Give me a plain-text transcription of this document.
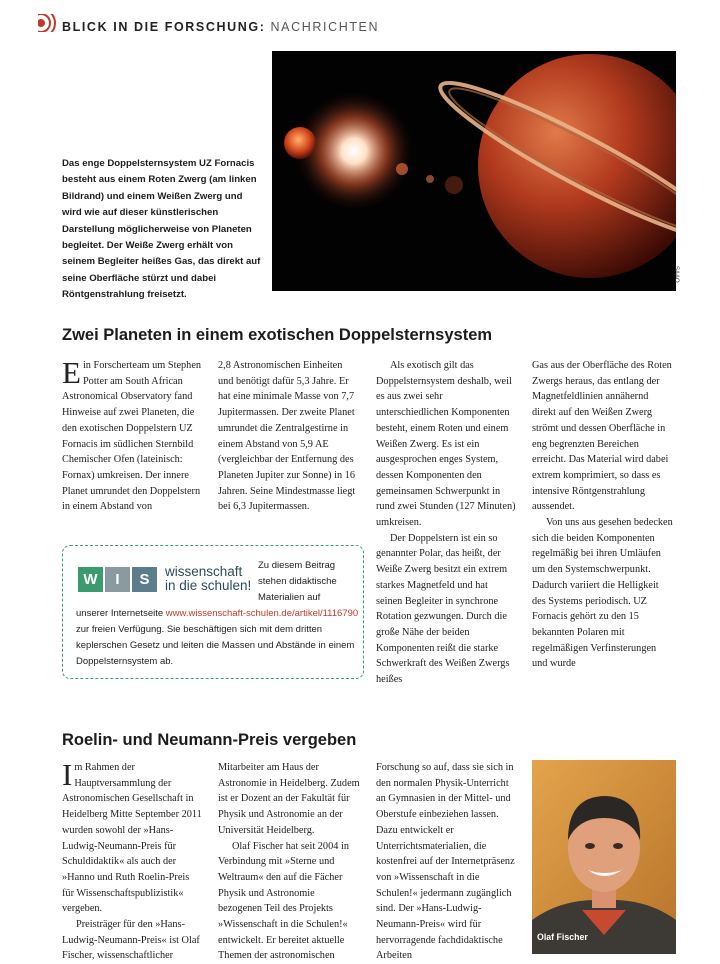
BLICK IN DIE FORSCHUNG: NACHRICHTEN
Das enge Doppelsternsystem UZ Fornacis besteht aus einem Roten Zwerg (am linken Bildrand) und einem Weißen Zwerg und wird wie auf dieser künstlerischen Darstellung möglicherweise von Planeten begleitet. Der Weiße Zwerg erhält von seinem Begleiter heißes Gas, das direkt auf seine Oberfläche stürzt und dabei Röntgenstrahlung freisetzt.
SAAO
Zwei Planeten in einem exotischen Doppelsternsystem

Ein Forscherteam um Stephen Potter am South African Astronomical Observatory fand Hinweise auf zwei Planeten, die den exotischen Doppelstern UZ Fornacis im südlichen Sternbild Chemischer Ofen (lateinisch: Fornax) umkreisen. Der innere Planet umrundet den Doppelstern in einem Abstand von

2,8 Astronomischen Einheiten und benötigt dafür 5,3 Jahre. Er hat eine minimale Masse von 7,7 Jupitermassen. Der zweite Planet umrundet die Zentralgestirne in einem Abstand von 5,9 AE (vergleichbar der Entfernung des Planeten Jupiter zur Sonne) in 16 Jahren. Seine Mindestmasse liegt bei 6,3 Jupitermassen.

Als exotisch gilt das Doppelsternsystem deshalb, weil es aus zwei sehr unterschiedlichen Komponenten besteht, einem Roten und einem Weißen Zwerg. Es ist ein ausgesprochen enges System, dessen Komponenten den gemeinsamen Schwerpunkt in rund zwei Stunden (127 Minuten) umkreisen.

Der Doppelstern ist ein so genannter Polar, das heißt, der Weiße Zwerg besitzt ein extrem starkes Magnetfeld und hat seinen Begleiter in synchrone Rotation gezwungen. Durch die große Nähe der beiden Komponenten reißt die starke Schwerkraft des Weißen Zwergs heißes

Gas aus der Oberfläche des Roten Zwergs heraus, das entlang der Magnetfeldlinien annähernd direkt auf den Weißen Zwerg strömt und dessen Oberfläche in eng begrenzten Bereichen erreicht. Das Material wird dabei extrem komprimiert, so dass es intensive Röntgenstrahlung aussendet.

Von uns aus gesehen bedecken sich die beiden Komponenten regelmäßig bei ihren Umläufen um den Systemschwerpunkt. Dadurch variiert die Helligkeit des Systems periodisch. UZ Fornacis gehört zu den 15 bekannten Polaren mit regelmäßigen Verfinsterungen und wurde

W	I	S	wissenschaft
in die schulen!
Zu diesem Beitrag stehen didaktische Materialien auf
unserer Internetseite www.wissenschaft-schulen.de/artikel/1116790 zur freien Verfügung. Sie beschäftigen sich mit dem dritten keplerschen Gesetz und leiten die Massen und Abstände in einem Doppelsternsystem ab.
Roelin- und Neumann-Preis vergeben

Im Rahmen der Hauptversammlung der Astronomischen Gesellschaft in Heidelberg Mitte September 2011 wurden sowohl der »Hans-Ludwig-Neumann-Preis für Schuldidaktik« als auch der »Hanno und Ruth Roelin-Preis für Wissenschaftspublizistik« vergeben.

Preisträger für den »Hans-Ludwig-Neumann-Preis« ist Olaf Fischer, wissenschaftlicher

Mitarbeiter am Haus der Astronomie in Heidelberg. Zudem ist er Dozent an der Fakultät für Physik und Astronomie an der Universität Heidelberg.

Olaf Fischer hat seit 2004 in Verbindung mit »Sterne und Weltraum« den auf die Fächer Physik und Astronomie bezogenen Teil des Projekts »Wissenschaft in die Schulen!« entwickelt. Er bereitet aktuelle Themen der astronomischen

Forschung so auf, dass sie sich in den normalen Physik-Unterricht an Gymnasien in der Mittel- und Oberstufe einbeziehen lassen. Dazu entwickelt er Unterrichtsmaterialien, die kostenfrei auf der Internetpräsenz von »Wissenschaft in die Schulen!« jedermann zugänglich sind. Der »Hans-Ludwig-Neumann-Preis« wird für hervorragende fachdidaktische Arbeiten

Olaf Fischer
